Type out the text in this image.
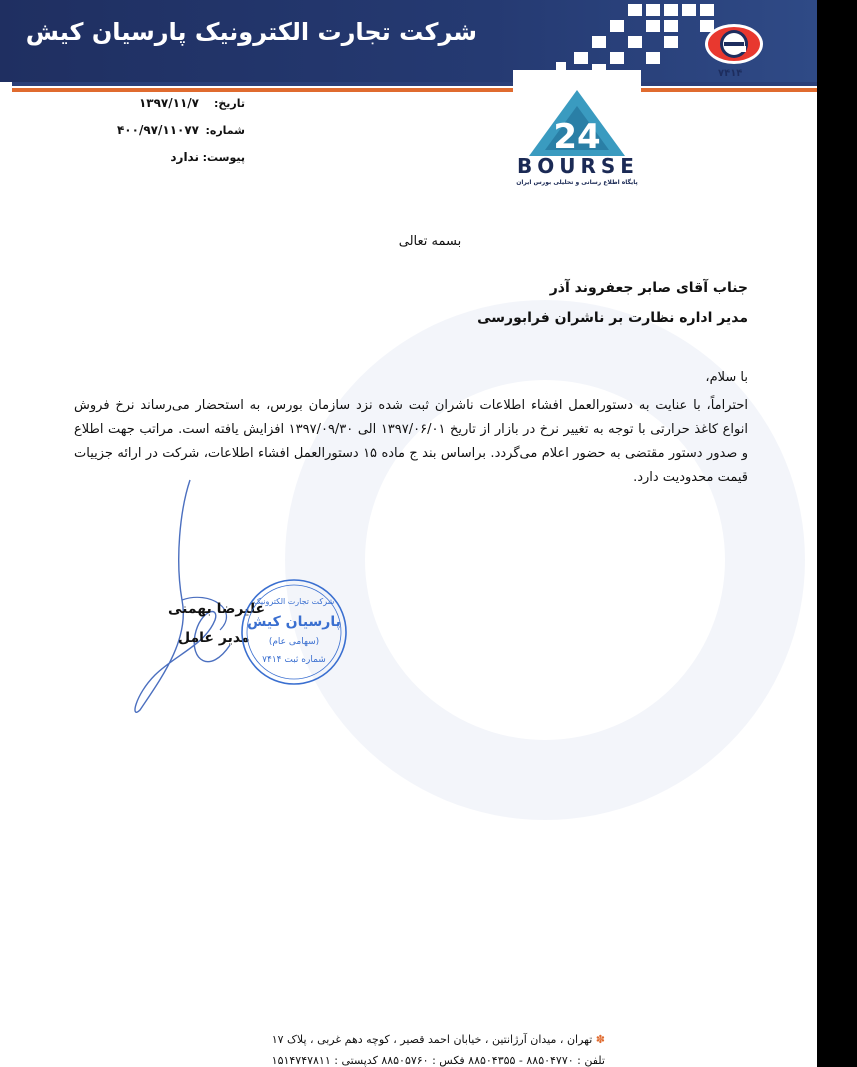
۷۴۱۴
شرکت تجارت الکترونیک پارسیان کیش
24
BOURSE
پایگاه اطلاع رسانی و تحلیلی بورس ایران
تاریخ:۱۳۹۷/۱۱/۷
شماره:۴۰۰/۹۷/۱۱۰۷۷
پیوست:ندارد
بسمه تعالی
جناب آقای صابر جعفروند آذر
مدیر اداره نظارت بر ناشران فرابورسی
با سلام،
احتراماً، با عنایت به دستورالعمل افشاء اطلاعات ناشران ثبت شده نزد سازمان بورس، به استحضار می‌رساند نرخ فروش انواع کاغذ حرارتی با توجه به تغییر نرخ در بازار از تاریخ ۱۳۹۷/۰۶/۰۱ الی ۱۳۹۷/۰۹/۳۰ افزایش یافته است. مراتب جهت اطلاع و صدور دستور مقتضی به حضور اعلام می‌گردد. براساس بند ج ماده ۱۵ دستورالعمل افشاء اطلاعات، شرکت در ارائه جزییات قیمت محدودیت دارد.
علیرضا بهمنی
مدیر عامل
شرکت تجارت الکترونیک
پارسیان کیش
(سهامی عام)
شماره ثبت ۷۴۱۴
✽ تهران ، میدان آرژانتین ، خیابان احمد قصیر ، کوچه دهم غربی ، پلاک ۱۷
تلفن : ۸۸۵۰۴۷۷۰ - ۸۸۵۰۴۳۵۵ فکس : ۸۸۵۰۵۷۶۰ کدپستی : ۱۵۱۴۷۴۷۸۱۱
